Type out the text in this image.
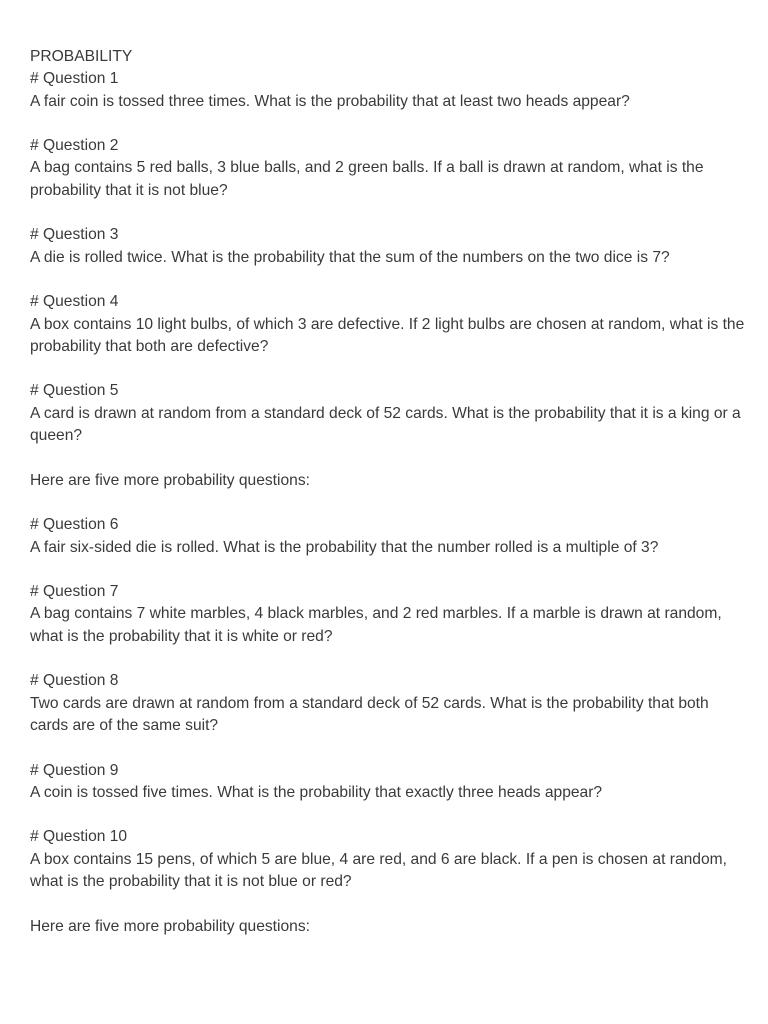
PROBABILITY
# Question 1
A fair coin is tossed three times. What is the probability that at least two heads appear?
# Question 2
A bag contains 5 red balls, 3 blue balls, and 2 green balls. If a ball is drawn at random, what is the probability that it is not blue?
# Question 3
A die is rolled twice. What is the probability that the sum of the numbers on the two dice is 7?
# Question 4
A box contains 10 light bulbs, of which 3 are defective. If 2 light bulbs are chosen at random, what is the probability that both are defective?
# Question 5
A card is drawn at random from a standard deck of 52 cards. What is the probability that it is a king or a queen?
Here are five more probability questions:
# Question 6
A fair six-sided die is rolled. What is the probability that the number rolled is a multiple of 3?
# Question 7
A bag contains 7 white marbles, 4 black marbles, and 2 red marbles. If a marble is drawn at random, what is the probability that it is white or red?
# Question 8
Two cards are drawn at random from a standard deck of 52 cards. What is the probability that both cards are of the same suit?
# Question 9
A coin is tossed five times. What is the probability that exactly three heads appear?
# Question 10
A box contains 15 pens, of which 5 are blue, 4 are red, and 6 are black. If a pen is chosen at random, what is the probability that it is not blue or red?
Here are five more probability questions:
